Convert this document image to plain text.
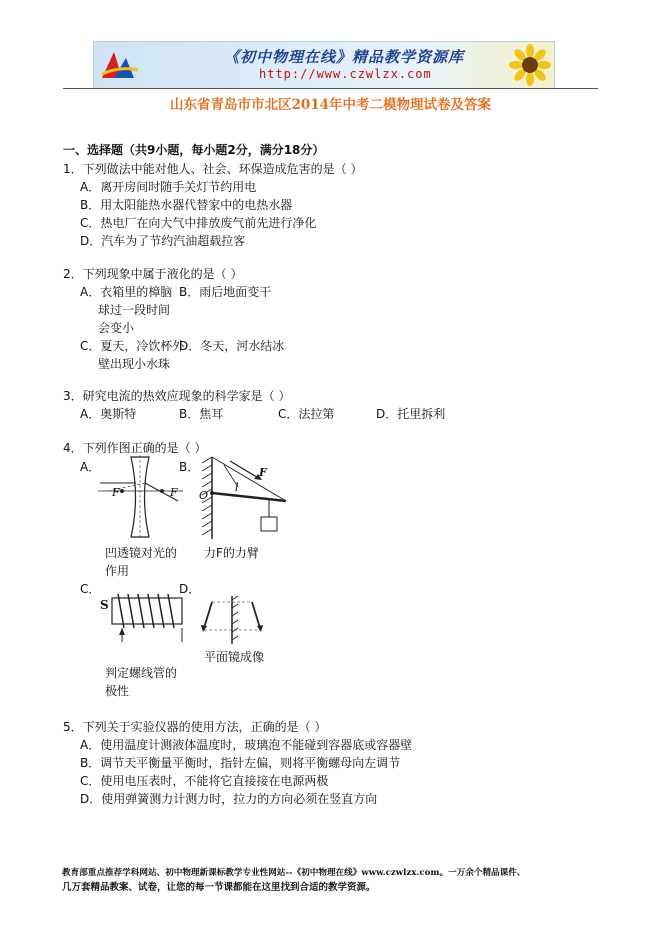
《初中物理在线》精品教学资源库
http://www.czwlzx.com
山东省青岛市市北区2014年中考二模物理试卷及答案
一、选择题（共9小题，每小题2分，满分18分）
1．下列做法中能对他人、社会、环保造成危害的是（ ）
A．离开房间时随手关灯节约用电
B．用太阳能热水器代替家中的电热水器
C．热电厂在向大气中排放废气前先进行净化
D．汽车为了节约汽油超载拉客
2．下列现象中属于液化的是（ ）
A．衣箱里的樟脑
球过一段时间
会变小
B．雨后地面变干
C．夏天，冷饮杯外
壁出现小水珠
D．冬天，河水结冰
3．研究电流的热效应现象的科学家是（ ）
A．奥斯特	B．焦耳	C．法拉第	D．托里拆利
4．下列作图正确的是（ ）
A．	B．
F	F
F
O
l
凹透镜对光的
作用
力F的力臂
C．	D．
S
判定螺线管的
极性
平面镜成像
5．下列关于实验仪器的使用方法，正确的是（ ）
A．使用温度计测液体温度时，玻璃泡不能碰到容器底或容器壁
B．调节天平衡量平衡时，指针左偏，则将平衡螺母向左调节
C．使用电压表时，不能将它直接接在电源两极
D．使用弹簧测力计测力时，拉力的方向必须在竖直方向
教育部重点推荐学科网站、初中物理新课标教学专业性网站--《初中物理在线》www.czwlzx.com。一万余个精品课件、
几万套精品教案、试卷，让您的每一节课都能在这里找到合适的教学资源。
